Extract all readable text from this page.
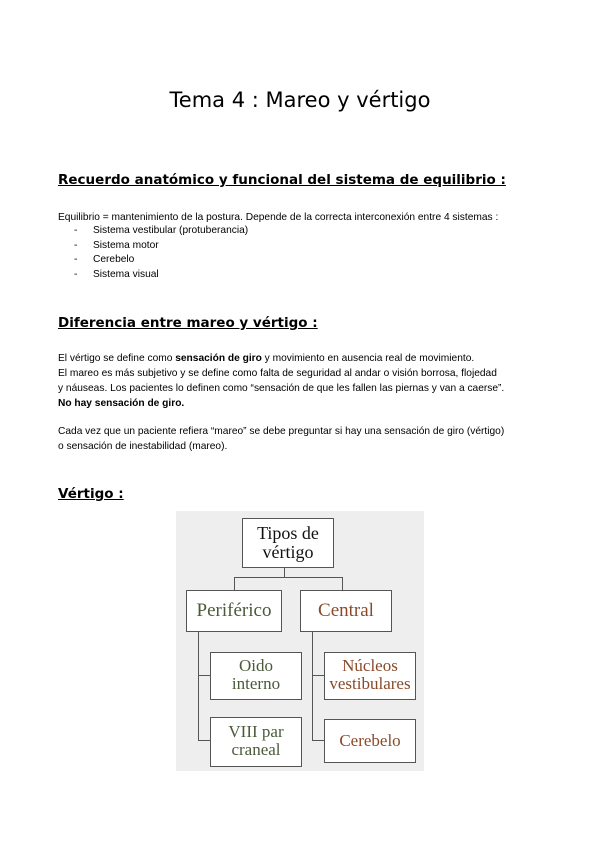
Tema 4 : Mareo y vértigo
Recuerdo anatómico y funcional del sistema de equilibrio :
Equilibrio = mantenimiento de la postura. Depende de la correcta interconexión entre 4 sistemas :
- Sistema vestibular (protuberancia)
- Sistema motor
- Cerebelo
- Sistema visual
Diferencia entre mareo y vértigo :
El vértigo se define como sensación de giro y movimiento en ausencia real de movimiento.
El mareo es más subjetivo y se define como falta de seguridad al andar o visión borrosa, flojedad
y náuseas. Los pacientes lo definen como “sensación de que les fallen las piernas y van a caerse”.
No hay sensación de giro.
Cada vez que un paciente refiera “mareo” se debe preguntar si hay una sensación de giro (vértigo)
o sensación de inestabilidad (mareo).
Vértigo :
Tipos de
vértigo
Periférico	Central
Oido
interno
VIII par
craneal
Núcleos
vestibulares
Cerebelo
